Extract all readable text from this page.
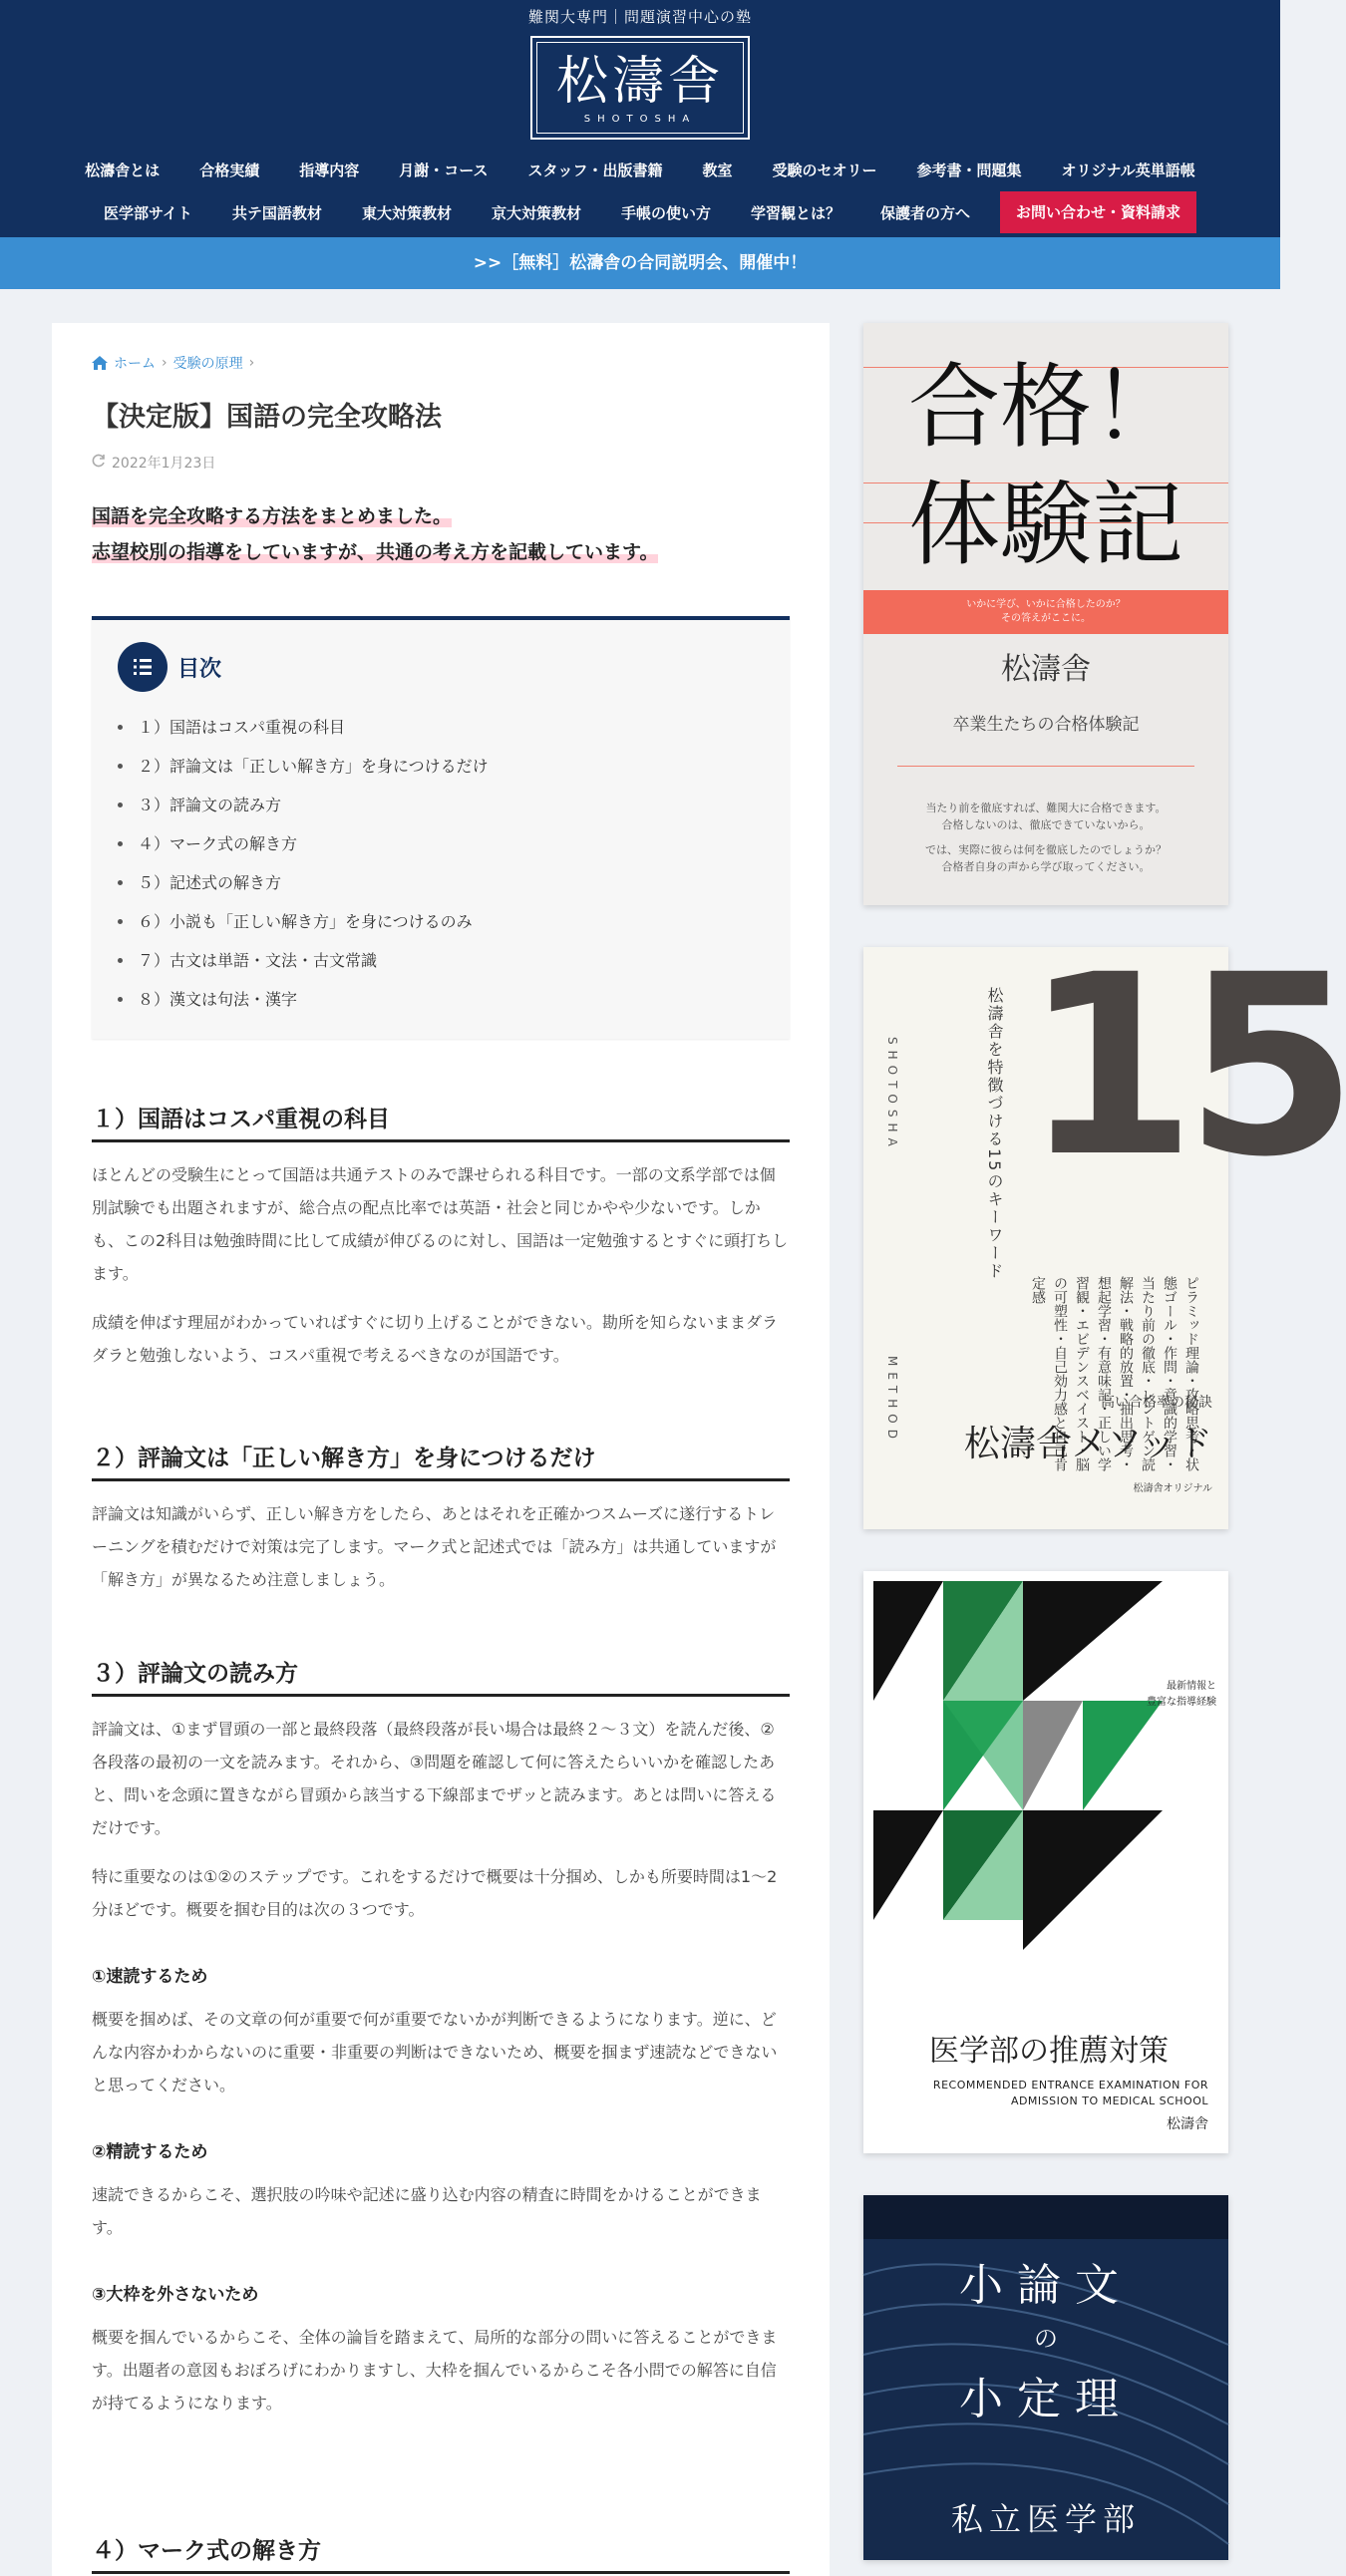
難関大専門｜問題演習中心の塾
松濤舎
SHOTOSHA
松濤舎とは	合格実績	指導内容	月謝・コース	スタッフ・出版書籍	教室	受験のセオリー	参考書・問題集	オリジナル英単語帳
医学部サイト	共テ国語教材	東大対策教材	京大対策教材	手帳の使い方	学習観とは？	保護者の方へ	お問い合わせ・資料請求
>>［無料］松濤舎の合同説明会、開催中！
ホーム › 受験の原理 ›
【決定版】国語の完全攻略法
2022年1月23日

国語を完全攻略する方法をまとめました。

志望校別の指導をしていますが、共通の考え方を記載しています。

目次
１）国語はコスパ重視の科目
２）評論文は「正しい解き方」を身につけるだけ
３）評論文の読み方
４）マーク式の解き方
５）記述式の解き方
６）小説も「正しい解き方」を身につけるのみ
７）古文は単語・文法・古文常識
８）漢文は句法・漢字
１）国語はコスパ重視の科目

ほとんどの受験生にとって国語は共通テストのみで課せられる科目です。一部の文系学部では個別試験でも出題されますが、総合点の配点比率では英語・社会と同じかやや少ないです。しかも、この2科目は勉強時間に比して成績が伸びるのに対し、国語は一定勉強するとすぐに頭打ちします。

成績を伸ばす理屈がわかっていればすぐに切り上げることができない。勘所を知らないままダラダラと勉強しないよう、コスパ重視で考えるべきなのが国語です。

２）評論文は「正しい解き方」を身につけるだけ

評論文は知識がいらず、正しい解き方をしたら、あとはそれを正確かつスムーズに遂行するトレーニングを積むだけで対策は完了します。マーク式と記述式では「読み方」は共通していますが「解き方」が異なるため注意しましょう。

３）評論文の読み方

評論文は、①まず冒頭の一部と最終段落（最終段落が長い場合は最終２〜３文）を読んだ後、②各段落の最初の一文を読みます。それから、③問題を確認して何に答えたらいいかを確認したあと、問いを念頭に置きながら冒頭から該当する下線部までザッと読みます。あとは問いに答えるだけです。

特に重要なのは①②のステップです。これをするだけで概要は十分掴め、しかも所要時間は1〜2分ほどです。概要を掴む目的は次の３つです。

①速読するため

概要を掴めば、その文章の何が重要で何が重要でないかが判断できるようになります。逆に、どんな内容かわからないのに重要・非重要の判断はできないため、概要を掴まず速読などできないと思ってください。

②精読するため

速読できるからこそ、選択肢の吟味や記述に盛り込む内容の精査に時間をかけることができます。

③大枠を外さないため

概要を掴んでいるからこそ、全体の論旨を踏まえて、局所的な部分の問いに答えることができます。出題者の意図もおぼろげにわかりますし、大枠を掴んでいるからこそ各小問での解答に自信が持てるようになります。

４）マーク式の解き方
合格！
体験記
いかに学び、いかに合格したのか？
その答えがここに。
松濤舎
卒業生たちの合格体験記
当たり前を徹底すれば、難関大に合格できます。
合格しないのは、徹底できていないから。
では、実際に彼らは何を徹底したのでしょうか？
合格者自身の声から学び取ってください。
15
SHOTOSHA
METHOD
松濤舎を特徴づける15のキーワード
ピラミッド理論・攻略思考・状態ゴール・作問・意識的学習・当たり前の徹底・レントゲン読解法・戦略的放置・抽出思考・想起学習・有意味記・正しい学習観・エビデンスベイスト・脳の可塑性・自己効力感と自己肯定感
高い合格率の秘訣
松濤舎メソッド
松濤舎オリジナル
最新情報と
豊富な指導経験
医学部の推薦対策
RECOMMENDED ENTRANCE EXAMINATION FOR
ADMISSION TO MEDICAL SCHOOL
松濤舎
小論文
の
小定理
私立医学部
